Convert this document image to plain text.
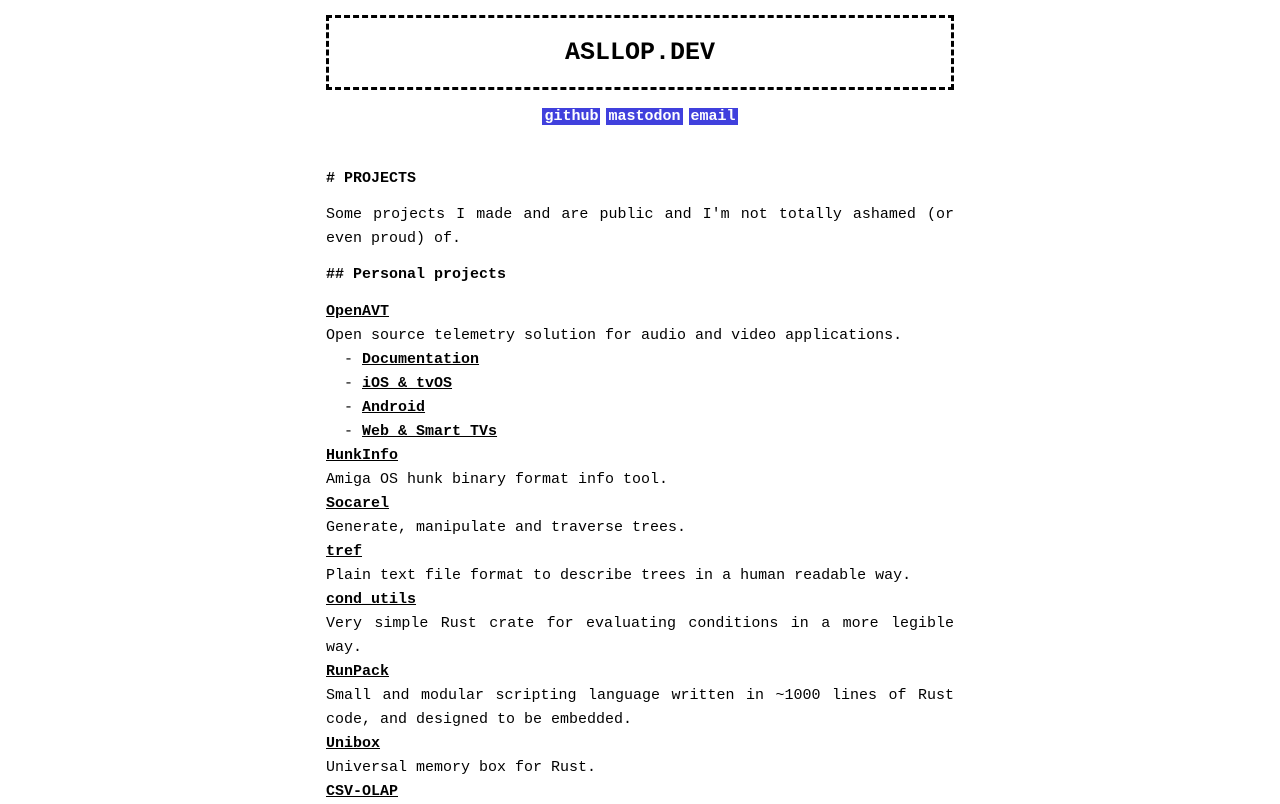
ASLLOP.DEV
github mastodon email
# PROJECTS
Some projects I made and are public and I'm not totally ashamed (or even proud) of.
## Personal projects
OpenAVT
Open source telemetry solution for audio and video applications.
- Documentation
- iOS & tvOS
- Android
- Web & Smart TVs
HunkInfo
Amiga OS hunk binary format info tool.
Socarel
Generate, manipulate and traverse trees.
tref
Plain text file format to describe trees in a human readable way.
cond_utils
Very simple Rust crate for evaluating conditions in a more legible way.
RunPack
Small and modular scripting language written in ~1000 lines of Rust code, and designed to be embedded.
Unibox
Universal memory box for Rust.
CSV-OLAP
